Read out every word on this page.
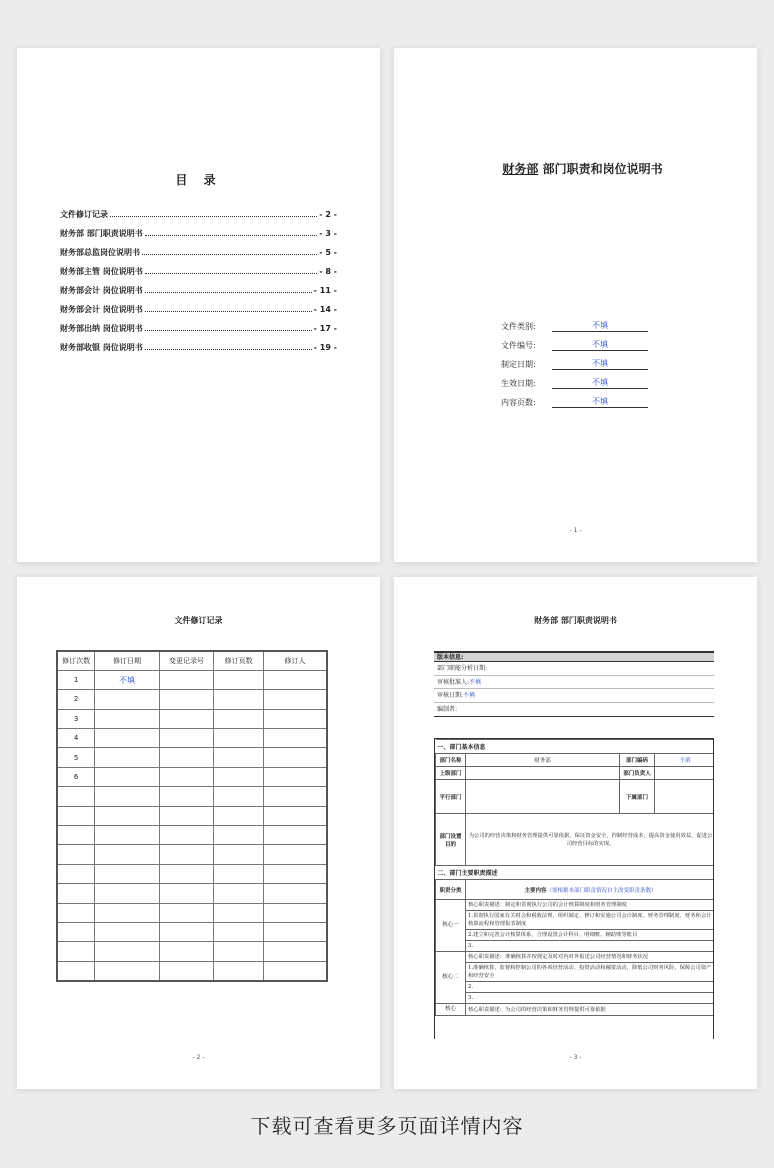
目 录
文件修订记录	- 2 -
财务部 部门职责说明书	- 3 -
财务部总监岗位说明书	- 5 -
财务部主管 岗位说明书	- 8 -
财务部会计 岗位说明书	- 11 -
财务部会计 岗位说明书	- 14 -
财务部出纳 岗位说明书	- 17 -
财务部收银 岗位说明书	- 19 -
财务部 部门职责和岗位说明书
文件类别:	不填
文件编号:	不填
制定日期:	不填
生效日期:	不填
内容页数:	不填
- 1 -
文件修订记录
修订次数	修订日期	变更记录号	修订页数	修订人
1	不填			
2				
3				
4				
5				
6				

- 2 -
财务部 部门职责说明书
版本信息:
部门职能分析日期:
审核批准人:不填
审核日期:不填
编制者:
一、部门基本信息			
部门名称	财务部	部门编码	不填
上级部门		部门负责人	
平行部门		下属部门	
部门设置目的	为公司的经营决策和财务管理提供可靠依据，保证资金安全，控制经营成本，提高资金使用效益，促进公司经营目标的实现。		
二、部门主要职责描述			
职责分类	主要内容（需根据本部门职责情况自主改变职责条数）		
核心一	核心职责描述：制定和贯彻执行公司的会计核算制度和财务管理制度		
	1.贯彻执行国家有关财会和税收法规，组织制定、修订和实施公司会计制度、财务管理制度、财务和会计核算流程和管理报表制度		
	2.建立和完善会计核算体系，合理设置会计科目、明细账、辅助账等账目		
	3.		
核心二	核心职责描述：准确核算并按规定及时对内对外报送公司经营情况和财务状况		
	1.准确核算、监督和控制公司的各项经营活动、投资活动和融资活动，降低公司财务风险，保障公司资产和经营安全		
	2.		
	3.		
核心	核心职责描述：为公司的经营决策和财务管理提供可靠依据		
- 3 -
下载可查看更多页面详情内容
